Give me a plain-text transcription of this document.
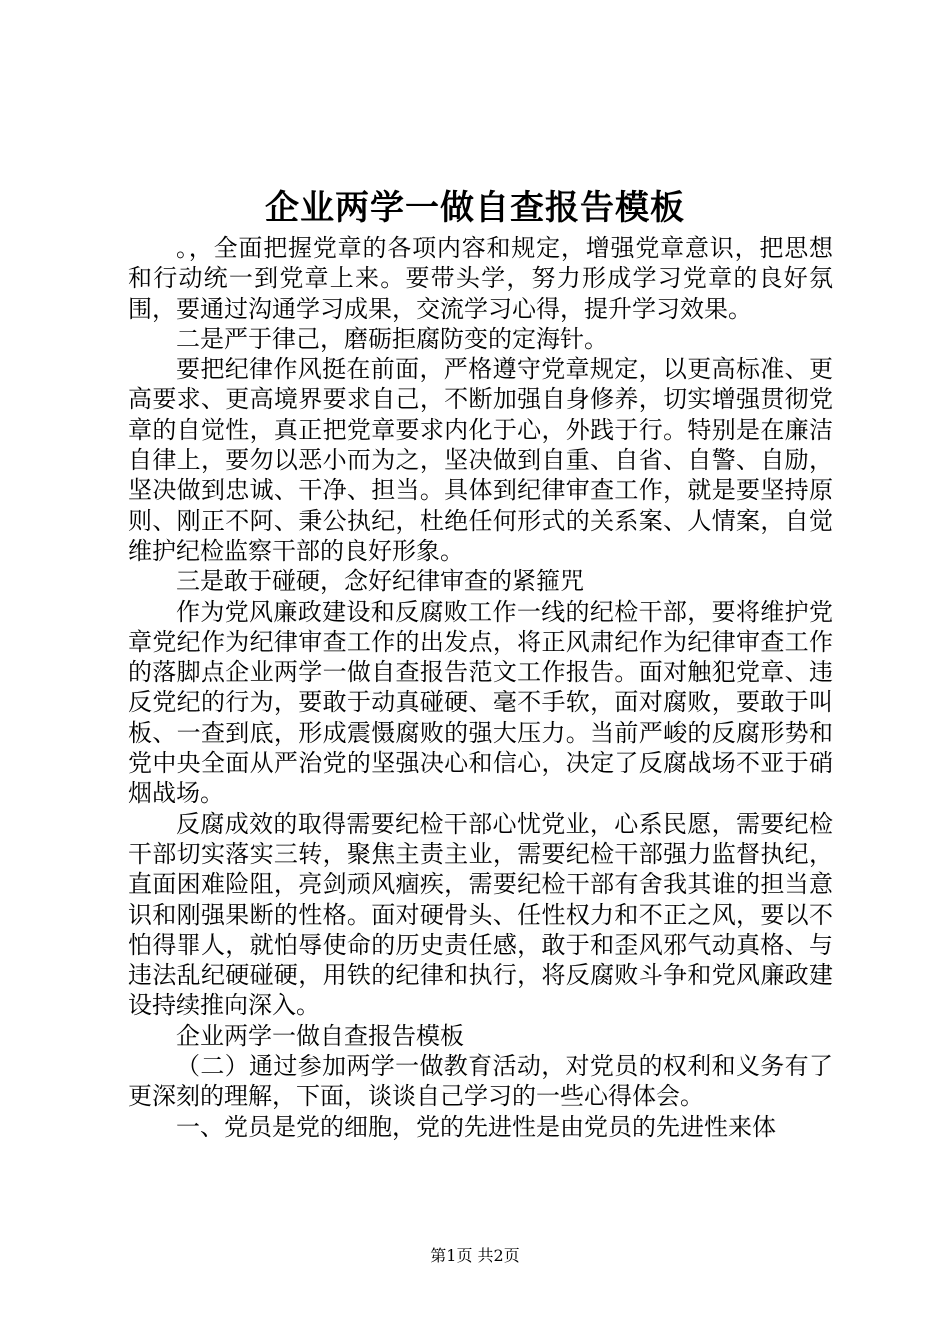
企业两学一做自查报告模板

。，全面把握党章的各项内容和规定，增强党章意识，把思想和行动统一到党章上来。要带头学，努力形成学习党章的良好氛围，要通过沟通学习成果，交流学习心得，提升学习效果。

二是严于律己，磨砺拒腐防变的定海针。

要把纪律作风挺在前面，严格遵守党章规定，以更高标准、更高要求、更高境界要求自己，不断加强自身修养，切实增强贯彻党章的自觉性，真正把党章要求内化于心，外践于行。特别是在廉洁自律上，要勿以恶小而为之，坚决做到自重、自省、自警、自励，坚决做到忠诚、干净、担当。具体到纪律审查工作，就是要坚持原则、刚正不阿、秉公执纪，杜绝任何形式的关系案、人情案，自觉维护纪检监察干部的良好形象。

三是敢于碰硬，念好纪律审查的紧箍咒

作为党风廉政建设和反腐败工作一线的纪检干部，要将维护党章党纪作为纪律审查工作的出发点，将正风肃纪作为纪律审查工作的落脚点企业两学一做自查报告范文工作报告。面对触犯党章、违反党纪的行为，要敢于动真碰硬、毫不手软，面对腐败，要敢于叫板、一查到底，形成震慑腐败的强大压力。当前严峻的反腐形势和党中央全面从严治党的坚强决心和信心，决定了反腐战场不亚于硝烟战场。

反腐成效的取得需要纪检干部心忧党业，心系民愿，需要纪检干部切实落实三转，聚焦主责主业，需要纪检干部强力监督执纪，直面困难险阻，亮剑顽风痼疾，需要纪检干部有舍我其谁的担当意识和刚强果断的性格。面对硬骨头、任性权力和不正之风，要以不怕得罪人，就怕辱使命的历史责任感，敢于和歪风邪气动真格、与违法乱纪硬碰硬，用铁的纪律和执行，将反腐败斗争和党风廉政建设持续推向深入。

企业两学一做自查报告模板

（二）通过参加两学一做教育活动，对党员的权利和义务有了更深刻的理解，下面，谈谈自己学习的一些心得体会。

一、党员是党的细胞，党的先进性是由党员的先进性来体

第1页 共2页
